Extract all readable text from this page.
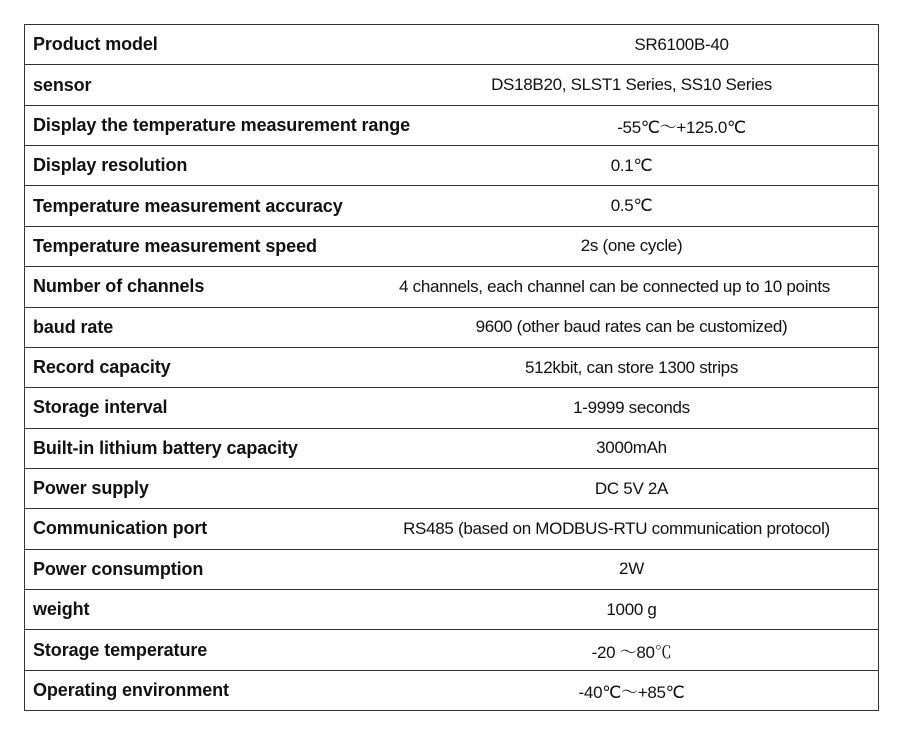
Product model	SR6100B-40
sensor	DS18B20, SLST1 Series, SS10 Series
Display the temperature measurement range	-55℃～+125.0℃
Display resolution	0.1℃
Temperature measurement accuracy	0.5℃
Temperature measurement speed	2s (one cycle)
Number of channels	4 channels, each channel can be connected up to 10 points
baud rate	9600 (other baud rates can be customized)
Record capacity	512kbit, can store 1300 strips
Storage interval	1-9999 seconds
Built-in lithium battery capacity	3000mAh
Power supply	DC 5V 2A
Communication port	RS485 (based on MODBUS-RTU communication protocol)
Power consumption	2W
weight	1000 g
Storage temperature	-20 ～80℃
Operating environment	-40℃～+85℃
